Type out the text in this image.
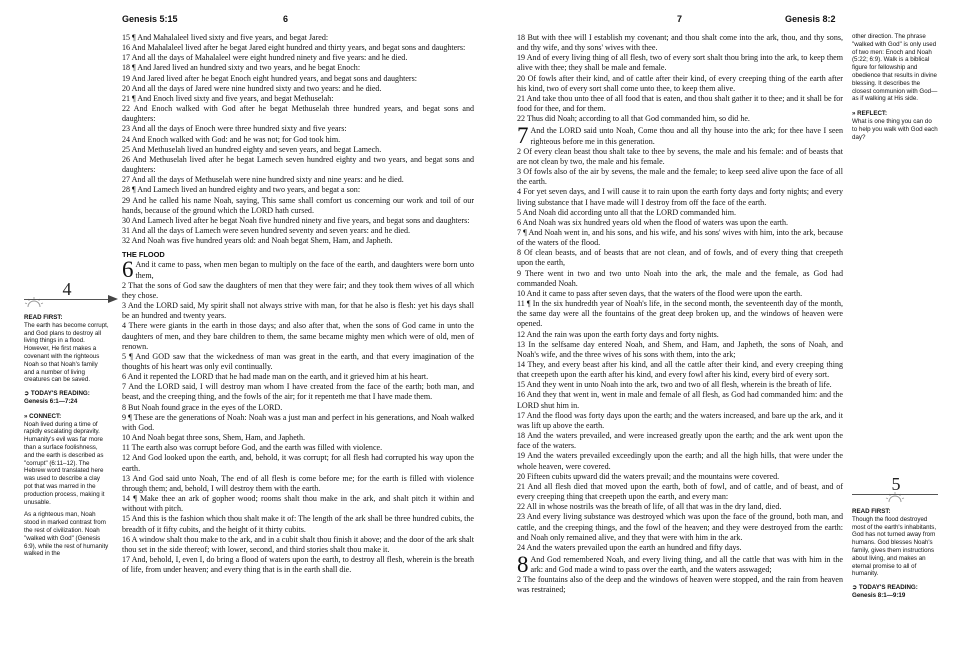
Genesis 5:15	6

15 ¶ And Mahalaleel lived sixty and five years, and begat Jared:

16 And Mahalaleel lived after he begat Jared eight hundred and thirty years, and begat sons and daughters:

17 And all the days of Mahalaleel were eight hundred ninety and five years: and he died.

18 ¶ And Jared lived an hundred sixty and two years, and he begat Enoch:

19 And Jared lived after he begat Enoch eight hundred years, and begat sons and daughters:

20 And all the days of Jared were nine hundred sixty and two years: and he died.

21 ¶ And Enoch lived sixty and five years, and begat Methuselah:

22 And Enoch walked with God after he begat Methuselah three hundred years, and begat sons and daughters:

23 And all the days of Enoch were three hundred sixty and five years:

24 And Enoch walked with God: and he was not; for God took him.

25 And Methuselah lived an hundred eighty and seven years, and begat Lamech.

26 And Methuselah lived after he begat Lamech seven hundred eighty and two years, and begat sons and daughters:

27 And all the days of Methuselah were nine hundred sixty and nine years: and he died.

28 ¶ And Lamech lived an hundred eighty and two years, and begat a son:

29 And he called his name Noah, saying, This same shall comfort us concerning our work and toil of our hands, because of the ground which the LORD hath cursed.

30 And Lamech lived after he begat Noah five hundred ninety and five years, and begat sons and daughters:

31 And all the days of Lamech were seven hundred seventy and seven years: and he died.

32 And Noah was five hundred years old: and Noah begat Shem, Ham, and Japheth.

THE FLOOD

6 And it came to pass, when men began to multiply on the face of the earth, and daughters were born unto them,

2 That the sons of God saw the daughters of men that they were fair; and they took them wives of all which they chose.

3 And the LORD said, My spirit shall not always strive with man, for that he also is flesh: yet his days shall be an hundred and twenty years.

4 There were giants in the earth in those days; and also after that, when the sons of God came in unto the daughters of men, and they bare children to them, the same became mighty men which were of old, men of renown.

5 ¶ And GOD saw that the wickedness of man was great in the earth, and that every imagination of the thoughts of his heart was only evil continually.

6 And it repented the LORD that he had made man on the earth, and it grieved him at his heart.

7 And the LORD said, I will destroy man whom I have created from the face of the earth; both man, and beast, and the creeping thing, and the fowls of the air; for it repenteth me that I have made them.

8 But Noah found grace in the eyes of the LORD.

9 ¶ These are the generations of Noah: Noah was a just man and perfect in his generations, and Noah walked with God.

10 And Noah begat three sons, Shem, Ham, and Japheth.

11 The earth also was corrupt before God, and the earth was filled with violence.

12 And God looked upon the earth, and, behold, it was corrupt; for all flesh had corrupted his way upon the earth.

13 And God said unto Noah, The end of all flesh is come before me; for the earth is filled with violence through them; and, behold, I will destroy them with the earth.

14 ¶ Make thee an ark of gopher wood; rooms shalt thou make in the ark, and shalt pitch it within and without with pitch.

15 And this is the fashion which thou shalt make it of: The length of the ark shall be three hundred cubits, the breadth of it fifty cubits, and the height of it thirty cubits.

16 A window shalt thou make to the ark, and in a cubit shalt thou finish it above; and the door of the ark shalt thou set in the side thereof; with lower, second, and third stories shalt thou make it.

17 And, behold, I, even I, do bring a flood of waters upon the earth, to destroy all flesh, wherein is the breath of life, from under heaven; and every thing that is in the earth shall die.

4

READ FIRST:

The earth has become corrupt, and God plans to destroy all living things in a flood. However, He first makes a covenant with the righteous Noah so that Noah's family and a number of living creatures can be saved.

➲ TODAY'S READING:

Genesis 6:1—7:24

» CONNECT:

Noah lived during a time of rapidly escalating depravity. Humanity's evil was far more than a surface foolishness, and the earth is described as "corrupt" (6:11–12). The Hebrew word translated here was used to describe a clay pot that was marred in the production process, making it unusable.

As a righteous man, Noah stood in marked contrast from the rest of civilization. Noah "walked with God" (Genesis 6:9), while the rest of humanity walked in the

7	Genesis 8:2

18 But with thee will I establish my covenant; and thou shalt come into the ark, thou, and thy sons, and thy wife, and thy sons' wives with thee.

19 And of every living thing of all flesh, two of every sort shalt thou bring into the ark, to keep them alive with thee; they shall be male and female.

20 Of fowls after their kind, and of cattle after their kind, of every creeping thing of the earth after his kind, two of every sort shall come unto thee, to keep them alive.

21 And take thou unto thee of all food that is eaten, and thou shalt gather it to thee; and it shall be for food for thee, and for them.

22 Thus did Noah; according to all that God commanded him, so did he.

7 And the LORD said unto Noah, Come thou and all thy house into the ark; for thee have I seen righteous before me in this generation.

2 Of every clean beast thou shalt take to thee by sevens, the male and his female: and of beasts that are not clean by two, the male and his female.

3 Of fowls also of the air by sevens, the male and the female; to keep seed alive upon the face of all the earth.

4 For yet seven days, and I will cause it to rain upon the earth forty days and forty nights; and every living substance that I have made will I destroy from off the face of the earth.

5 And Noah did according unto all that the LORD commanded him.

6 And Noah was six hundred years old when the flood of waters was upon the earth.

7 ¶ And Noah went in, and his sons, and his wife, and his sons' wives with him, into the ark, because of the waters of the flood.

8 Of clean beasts, and of beasts that are not clean, and of fowls, and of every thing that creepeth upon the earth,

9 There went in two and two unto Noah into the ark, the male and the female, as God had commanded Noah.

10 And it came to pass after seven days, that the waters of the flood were upon the earth.

11 ¶ In the six hundredth year of Noah's life, in the second month, the seventeenth day of the month, the same day were all the fountains of the great deep broken up, and the windows of heaven were opened.

12 And the rain was upon the earth forty days and forty nights.

13 In the selfsame day entered Noah, and Shem, and Ham, and Japheth, the sons of Noah, and Noah's wife, and the three wives of his sons with them, into the ark;

14 They, and every beast after his kind, and all the cattle after their kind, and every creeping thing that creepeth upon the earth after his kind, and every fowl after his kind, every bird of every sort.

15 And they went in unto Noah into the ark, two and two of all flesh, wherein is the breath of life.

16 And they that went in, went in male and female of all flesh, as God had commanded him: and the LORD shut him in.

17 And the flood was forty days upon the earth; and the waters increased, and bare up the ark, and it was lift up above the earth.

18 And the waters prevailed, and were increased greatly upon the earth; and the ark went upon the face of the waters.

19 And the waters prevailed exceedingly upon the earth; and all the high hills, that were under the whole heaven, were covered.

20 Fifteen cubits upward did the waters prevail; and the mountains were covered.

21 And all flesh died that moved upon the earth, both of fowl, and of cattle, and of beast, and of every creeping thing that creepeth upon the earth, and every man:

22 All in whose nostrils was the breath of life, of all that was in the dry land, died.

23 And every living substance was destroyed which was upon the face of the ground, both man, and cattle, and the creeping things, and the fowl of the heaven; and they were destroyed from the earth: and Noah only remained alive, and they that were with him in the ark.

24 And the waters prevailed upon the earth an hundred and fifty days.

8 And God remembered Noah, and every living thing, and all the cattle that was with him in the ark: and God made a wind to pass over the earth, and the waters asswaged;

2 The fountains also of the deep and the windows of heaven were stopped, and the rain from heaven was restrained;

other direction. The phrase "walked with God" is only used of two men: Enoch and Noah (5:22; 6:9). Walk is a biblical figure for fellowship and obedience that results in divine blessing. It describes the closest communion with God—as if walking at His side.

» REFLECT:

What is one thing you can do to help you walk with God each day?

5

READ FIRST:

Though the flood destroyed most of the earth's inhabitants, God has not turned away from humans. God blesses Noah's family, gives them instructions about living, and makes an eternal promise to all of humanity.

➲ TODAY'S READING:

Genesis 8:1—9:19
